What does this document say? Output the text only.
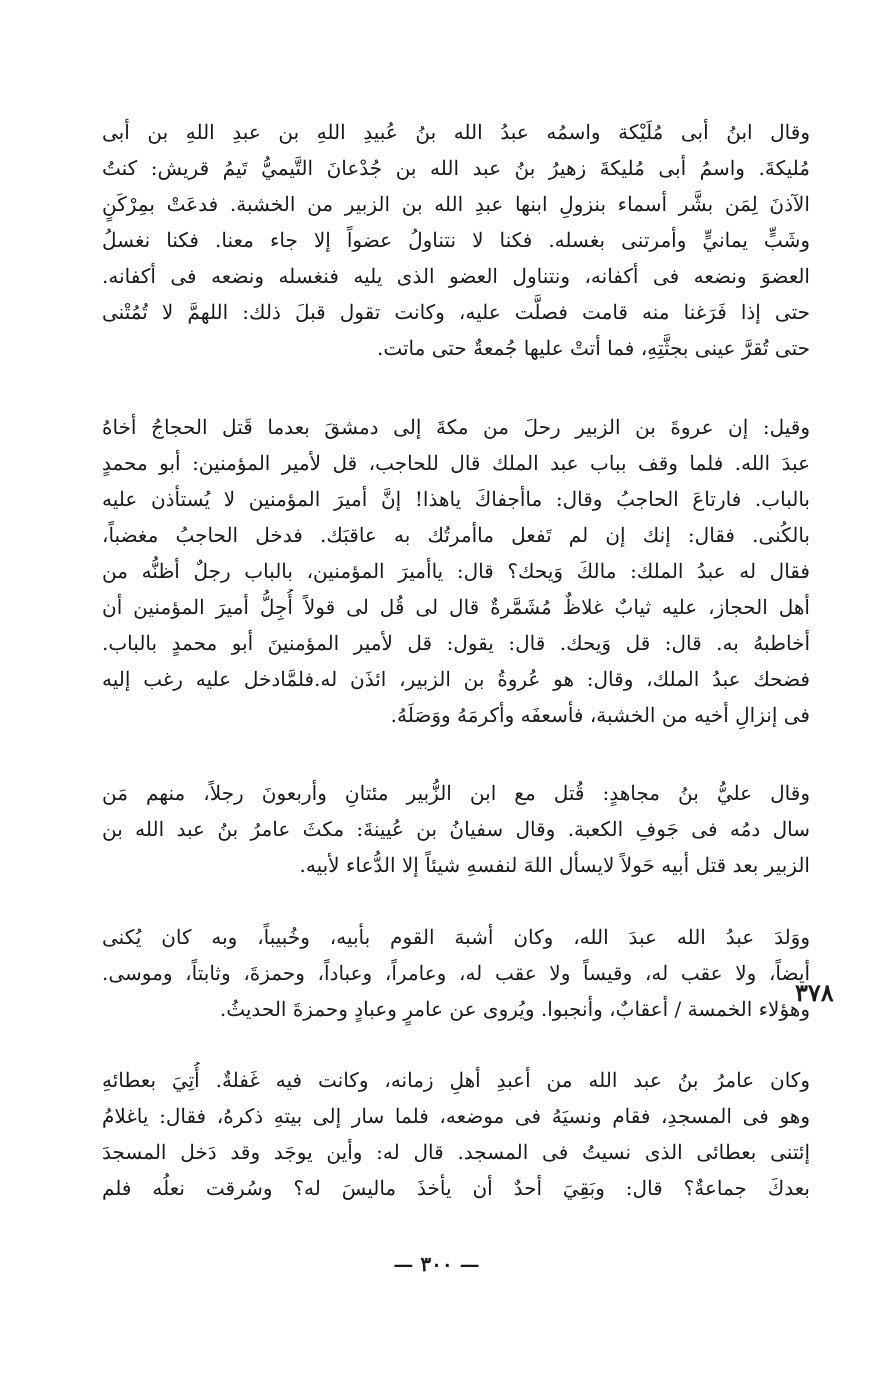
وقال ابنُ أبى مُلَيْكة واسمُه عبدُ الله بنُ عُبيدِ اللهِ بن عبدِ اللهِ بن أبى
مُليكةَ. واسمُ أبى مُليكةَ زهيرُ بنُ عبد الله بن جُدْعانَ التَّيميُّ تَيمُ قريش: كنتُ
الآذنَ لِمَن بشَّر أسماء بنزولِ ابنها عبدِ الله بن الزبير من الخشبة. فدعَتْ بمِرْكَنٍ
وشَبٍّ يمانيٍّ وأمرتنى بغسله. فكنا لا نتناولُ عضواً إلا جاء معنا. فكنا نغسلُ
العضوَ ونضعه فى أكفانه، ونتناول العضو الذى يليه فنغسله ونضعه فى أكفانه.
حتى إذا فَرَغنا منه قامت فصلَّت عليه، وكانت تقول قبلَ ذلك: اللهمَّ لا تُمُتْنى
حتى تُقرَّ عينى بجثَّتِهِ، فما أتتْ عليها جُمعةٌ حتى ماتت.
وقيل: إن عروةَ بن الزبير رحلَ من مكةَ إلى دمشقَ بعدما قَتل الحجاجُ أخاهُ
عبدَ الله. فلما وقف بباب عبد الملك قال للحاجب، قل لأمير المؤمنين: أبو محمدٍ
بالباب. فارتاعَ الحاجبُ وقال: ماأجفاكَ ياهذا! إنَّ أميرَ المؤمنين لا يُستأذن عليه
بالكُنى. فقال: إنك إن لم تَفعل ماأمرتُك به عاقبَك. فدخل الحاجبُ مغضباً،
فقال له عبدُ الملك: مالكَ وَيحك؟ قال: ياأميرَ المؤمنين، بالباب رجلٌ أظنُّه من
أهل الحجاز، عليه ثيابٌ غلاظٌ مُشَمَّرةٌ قال لى قُل لى قولاً أُجِلُّ أميرَ المؤمنين أن
أخاطبهُ به. قال: قل وَيحك. قال: يقول: قل لأمير المؤمنينَ أبو محمدٍ بالباب.
فضحك عبدُ الملك، وقال: هو عُروةُ بن الزبير، ائذَن له.فلمَّادخل عليه رغب إليه
فى إنزالِ أخيه من الخشبة، فأسعفَه وأكرمَهُ ووَصَلَهُ.
وقال عليُّ بنُ مجاهدٍ: قُتل مع ابن الزُّبير مئتانِ وأربعونَ رجلاً، منهم مَن
سال دمُه فى جَوفِ الكعبة. وقال سفيانُ بن عُيينةَ: مكثَ عامرُ بنُ عبد الله بن
الزبير بعد قتل أبيه حَولاً لايسأل اللهَ لنفسهِ شيئاً إلا الدُّعاء لأبيه.
ووَلدَ عبدُ الله عبدَ الله، وكان أشبهَ القوم بأبيه، وخُبيباً، وبه كان يُكنى
أيضاً، ولا عقب له، وقيساً ولا عقب له، وعامراً، وعباداً، وحمزةَ، وثابتاً، وموسى.
وهؤلاء الخمسة / أعقابٌ، وأنجبوا. ويُروى عن عامرٍ وعبادٍ وحمزةَ الحديثُ.
وكان عامرُ بنُ عبد الله من أعبدِ أهلِ زمانه، وكانت فيه غَفلةٌ. أُتِيَ بعطائهِ
وهو فى المسجدِ، فقام ونسيَهُ فى موضعه، فلما سار إلى بيتهِ ذكرهُ، فقال: ياغلامُ
إئتنى بعطائى الذى نسيتُ فى المسجد. قال له: وأين يوجَد وقد دَخل المسجدَ
بعدكَ جماعةٌ؟ قال: وبَقِيَ أحدٌ أن يأخذَ ماليسَ له؟ وسُرقت نعلُه فلم
٣٧٨
— ٣٠٠ —
